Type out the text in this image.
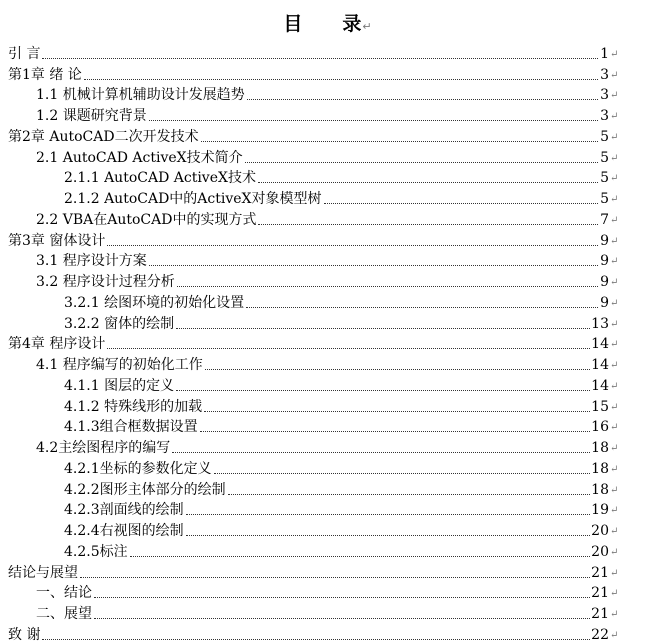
目 录↵
引 言	1 ↵
第1章 绪 论	3 ↵
1.1 机械计算机辅助设计发展趋势	3 ↵
1.2 课题研究背景	3 ↵
第2章 AutoCAD二次开发技术	5 ↵
2.1 AutoCAD ActiveX技术简介	5 ↵
2.1.1 AutoCAD ActiveX技术	5 ↵
2.1.2 AutoCAD中的ActiveX对象模型树	5 ↵
2.2 VBA在AutoCAD中的实现方式	7 ↵
第3章 窗体设计	9 ↵
3.1 程序设计方案	9 ↵
3.2 程序设计过程分析	9 ↵
3.2.1 绘图环境的初始化设置	9 ↵
3.2.2 窗体的绘制	13 ↵
第4章 程序设计	14 ↵
4.1 程序编写的初始化工作	14 ↵
4.1.1 图层的定义	14 ↵
4.1.2 特殊线形的加载	15 ↵
4.1.3组合框数据设置	16 ↵
4.2主绘图程序的编写	18 ↵
4.2.1坐标的参数化定义	18 ↵
4.2.2图形主体部分的绘制	18 ↵
4.2.3剖面线的绘制	19 ↵
4.2.4右视图的绘制	20 ↵
4.2.5标注	20 ↵
结论与展望	21 ↵
一、结论	21 ↵
二、展望	21 ↵
致 谢	22 ↵
